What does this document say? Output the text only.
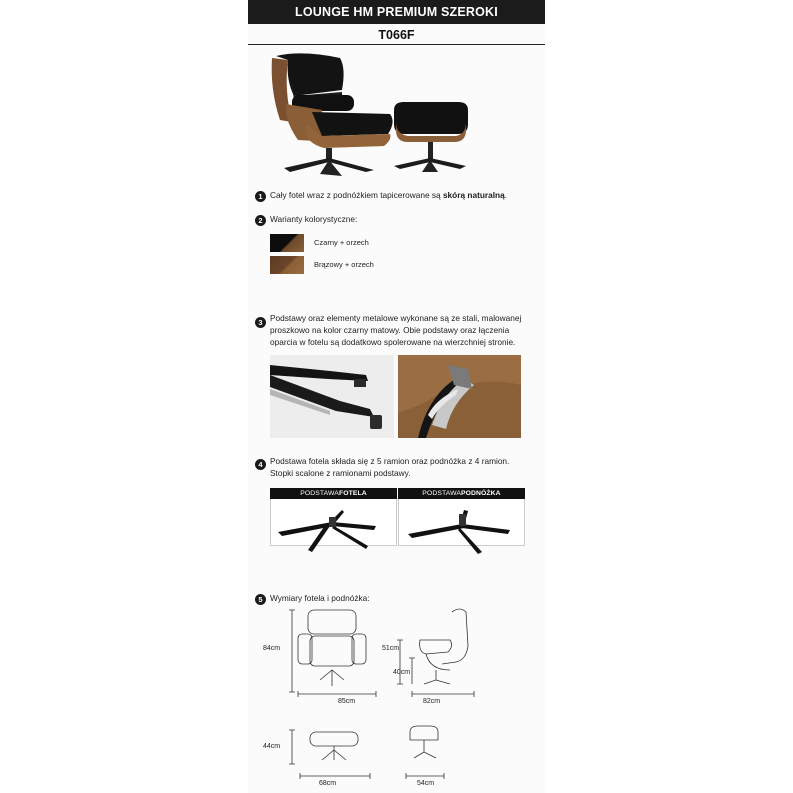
LOUNGE HM PREMIUM SZEROKI
T066F
1 Cały fotel wraz z podnóżkiem tapicerowane są skórą naturalną.
2 Warianty kolorystyczne:
Czarny + orzech
Brązowy + orzech
3 Podstawy oraz elementy metalowe wykonane są ze stali, malowanej
proszkowo na kolor czarny matowy. Obie podstawy oraz łączenia
oparcia w fotelu są dodatkowo spolerowane na wierzchniej stronie.
4 Podstawa fotela składa się z 5 ramion oraz podnóżka z 4 ramion.
Stopki scalone z ramionami podstawy.
PODSTAWA FOTELA	PODSTAWA PODNÓŻKA
5 Wymiary fotela i podnóżka:
84cm
85cm
51cm
40cm
82cm
44cm
68cm	54cm
